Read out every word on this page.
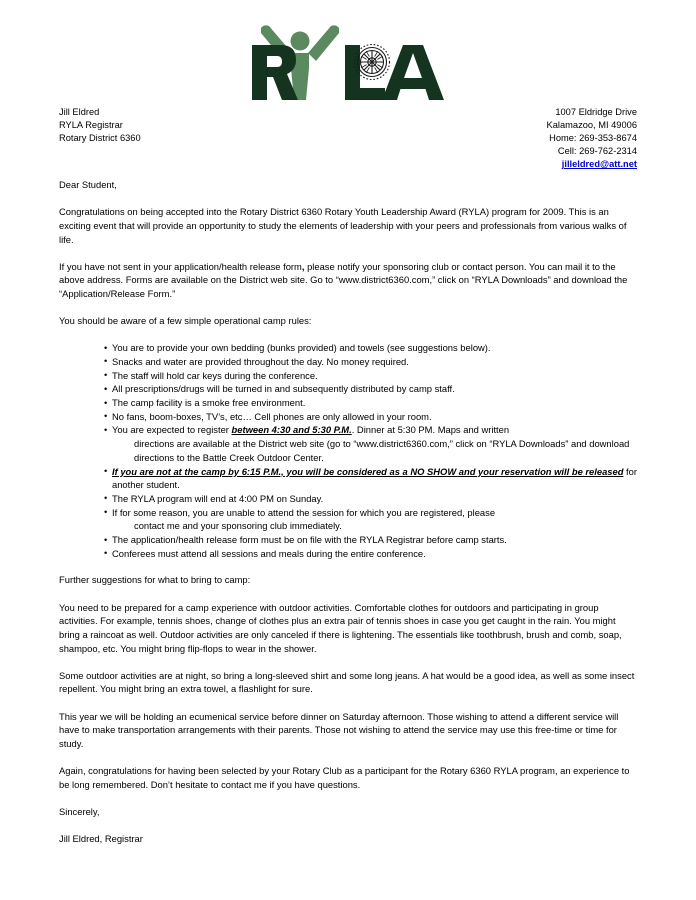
Jill Eldred
RYLA Registrar
Rotary District 6360
1007 Eldridge Drive
Kalamazoo, MI 49006
Home: 269-353-8674
Cell: 269-762-2314
jilleldred@att.net

Dear Student,

Congratulations on being accepted into the Rotary District 6360 Rotary Youth Leadership Award (RYLA) program for 2009. This is an exciting event that will provide an opportunity to study the elements of leadership with your peers and professionals from various walks of life.

If you have not sent in your application/health release form, please notify your sponsoring club or contact person. You can mail it to the above address. Forms are available on the District web site. Go to “www.district6360.com,” click on “RYLA Downloads” and download the “Application/Release Form.”

You should be aware of a few simple operational camp rules:

• You are to provide your own bedding (bunks provided) and towels (see suggestions below).
• Snacks and water are provided throughout the day. No money required.
• The staff will hold car keys during the conference.
• All prescriptions/drugs will be turned in and subsequently distributed by camp staff.
• The camp facility is a smoke free environment.
• No fans, boom-boxes, TV’s, etc… Cell phones are only allowed in your room.
• You are expected to register between 4:30 and 5:30 P.M.. Dinner at 5:30 PM. Maps and written
directions are available at the District web site (go to “www.district6360.com,” click on “RYLA Downloads” and download directions to the Battle Creek Outdoor Center.
• If you are not at the camp by 6:15 P.M., you will be considered as a NO SHOW and your reservation will be released for another student.
• The RYLA program will end at 4:00 PM on Sunday.
• If for some reason, you are unable to attend the session for which you are registered, please
contact me and your sponsoring club immediately.
• The application/health release form must be on file with the RYLA Registrar before camp starts.
• Conferees must attend all sessions and meals during the entire conference.

Further suggestions for what to bring to camp:

You need to be prepared for a camp experience with outdoor activities. Comfortable clothes for outdoors and participating in group activities. For example, tennis shoes, change of clothes plus an extra pair of tennis shoes in case you get caught in the rain. You might bring a raincoat as well. Outdoor activities are only canceled if there is lightening. The essentials like toothbrush, brush and comb, soap, shampoo, etc. You might bring flip-flops to wear in the shower.

Some outdoor activities are at night, so bring a long-sleeved shirt and some long jeans. A hat would be a good idea, as well as some insect repellent. You might bring an extra towel, a flashlight for sure.

This year we will be holding an ecumenical service before dinner on Saturday afternoon. Those wishing to attend a different service will have to make transportation arrangements with their parents. Those not wishing to attend the service may use this free-time or time for study.

Again, congratulations for having been selected by your Rotary Club as a participant for the Rotary 6360 RYLA program, an experience to be long remembered. Don’t hesitate to contact me if you have questions.

Sincerely,

Jill Eldred, Registrar
